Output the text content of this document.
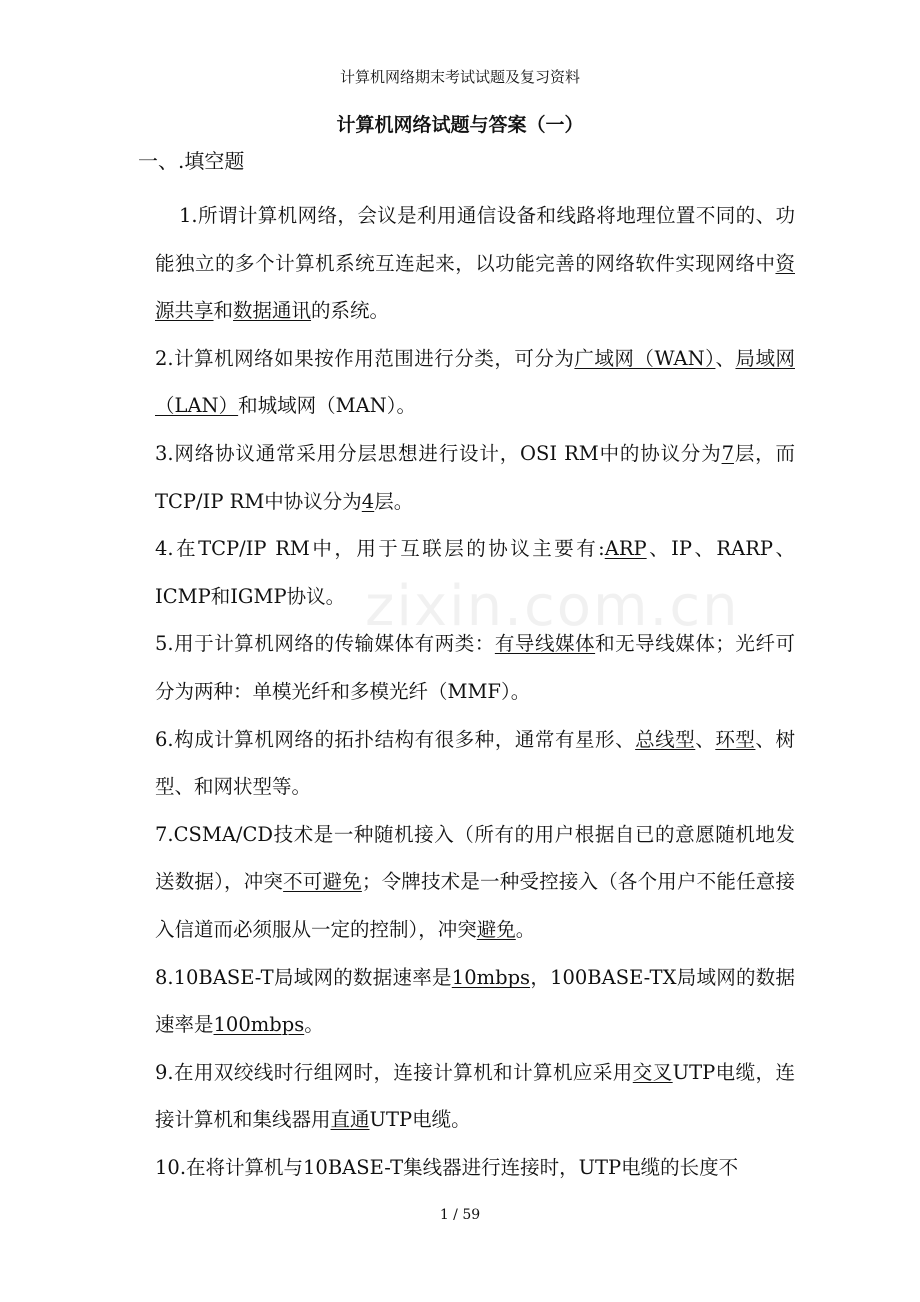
计算机网络期末考试试题及复习资料
计算机网络试题与答案（一）
一、.填空题
zixin.com.cn

1.所谓计算机网络，会议是利用通信设备和线路将地理位置不同的、功能独立的多个计算机系统互连起来，以功能完善的网络软件实现网络中资源共享和数据通讯的系统。

2.计算机网络如果按作用范围进行分类，可分为广域网（WAN）、局域网（LAN）和城域网（MAN）。

3.网络协议通常采用分层思想进行设计，OSI RM中的协议分为7层，而TCP/IP RM中协议分为4层。

4.在TCP/IP RM中，用于互联层的协议主要有:ARP、IP、RARP、ICMP和IGMP协议。

5.用于计算机网络的传输媒体有两类：有导线媒体和无导线媒体；光纤可分为两种：单模光纤和多模光纤（MMF）。

6.构成计算机网络的拓扑结构有很多种，通常有星形、总线型、环型、树型、和网状型等。

7.CSMA/CD技术是一种随机接入（所有的用户根据自已的意愿随机地发送数据），冲突不可避免；令牌技术是一种受控接入（各个用户不能任意接入信道而必须服从一定的控制），冲突避免。

8.10BASE-T局域网的数据速率是10mbps，100BASE-TX局域网的数据速率是100mbps。

9.在用双绞线时行组网时，连接计算机和计算机应采用交叉UTP电缆，连接计算机和集线器用直通UTP电缆。

10.在将计算机与10BASE-T集线器进行连接时，UTP电缆的长度不

1 / 59
